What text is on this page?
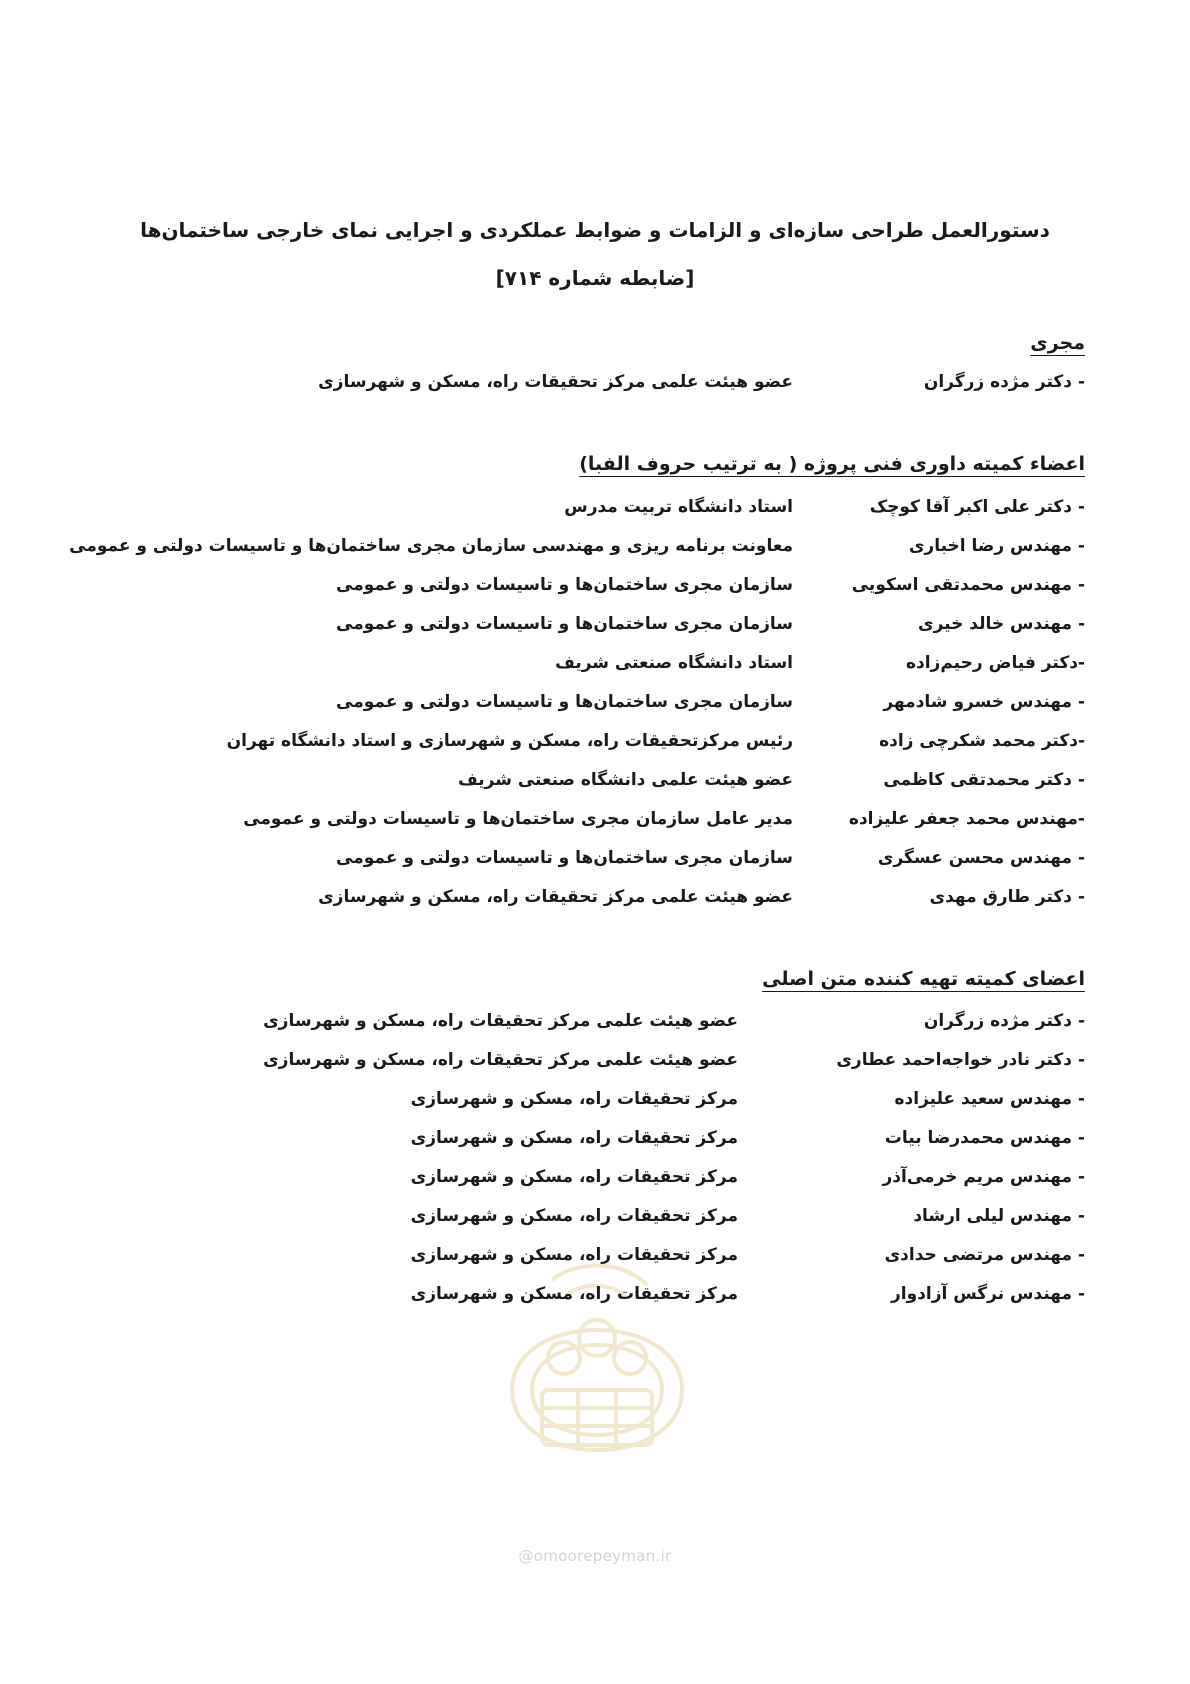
دستورالعمل طراحی سازه‌ای و الزامات و ضوابط عملکردی و اجرایی نمای خارجی ساختمان‌ها
[ضابطه شماره ۷۱۴]
مجری
- دکتر مژده زرگران
عضو هیئت علمی مرکز تحقیقات راه، مسکن و شهرسازی
اعضاء کمیته داوری فنی پروژه ( به ترتیب حروف الفبا)
- دکتر علی اکبر آقا کوچک
استاد دانشگاه تربیت مدرس
- مهندس رضا اخباری
معاونت برنامه ریزی و مهندسی سازمان مجری ساختمان‌ها و تاسیسات دولتی و عمومی
- مهندس محمدتقی اسکویی
سازمان مجری ساختمان‌ها و تاسیسات دولتی و عمومی
- مهندس خالد خیری
سازمان مجری ساختمان‌ها و تاسیسات دولتی و عمومی
-دکتر فیاض رحیم‌زاده
استاد دانشگاه صنعتی شریف
- مهندس خسرو شادمهر
سازمان مجری ساختمان‌ها و تاسیسات دولتی و عمومی
-دکتر محمد شکرچی زاده
رئیس مرکزتحقیقات راه، مسکن و شهرسازی و استاد دانشگاه تهران
- دکتر محمدتقی کاظمی
عضو هیئت علمی دانشگاه صنعتی شریف
-مهندس محمد جعفر علیزاده
مدیر عامل سازمان مجری ساختمان‌ها و تاسیسات دولتی و عمومی
- مهندس محسن عسگری
سازمان مجری ساختمان‌ها و تاسیسات دولتی و عمومی
- دکتر طارق مهدی
عضو هیئت علمی مرکز تحقیقات راه، مسکن و شهرسازی
اعضای کمیته تهیه کننده متن اصلی
- دکتر مژده زرگران
عضو هیئت علمی مرکز تحقیقات راه، مسکن و شهرسازی
- دکتر نادر خواجه‌احمد عطاری
عضو هیئت علمی مرکز تحقیقات راه، مسکن و شهرسازی
- مهندس سعید علیزاده
مرکز تحقیقات راه، مسکن و شهرسازی
- مهندس محمدرضا بیات
مرکز تحقیقات راه، مسکن و شهرسازی
- مهندس مریم خرمی‌آذر
مرکز تحقیقات راه، مسکن و شهرسازی
- مهندس لیلی ارشاد
مرکز تحقیقات راه، مسکن و شهرسازی
- مهندس مرتضی حدادی
مرکز تحقیقات راه، مسکن و شهرسازی
- مهندس نرگس آزادوار
مرکز تحقیقات راه، مسکن و شهرسازی
@omoorepeyman.ir
